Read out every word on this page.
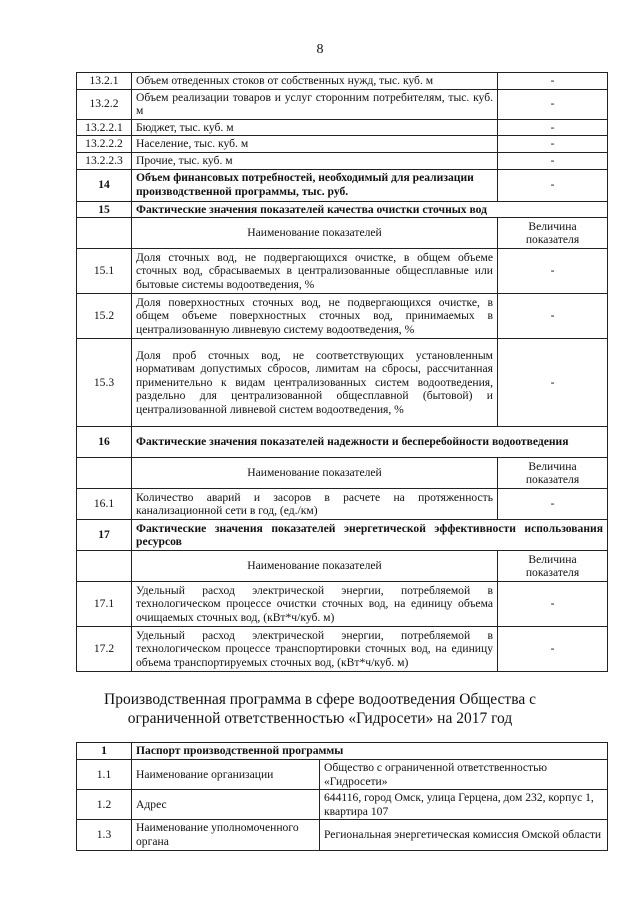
8
13.2.1	Объем отведенных стоков от собственных нужд, тыс. куб. м	-
13.2.2	Объем реализации товаров и услуг сторонним потребителям, тыс. куб. м	-
13.2.2.1	Бюджет, тыс. куб. м	-
13.2.2.2	Население, тыс. куб. м	-
13.2.2.3	Прочие, тыс. куб. м	-
14	Объем финансовых потребностей, необходимый для реализации производственной программы, тыс. руб.	-
15	Фактические значения показателей качества очистки сточных вод	
	Наименование показателей	Величина показателя
15.1	Доля сточных вод, не подвергающихся очистке, в общем объеме сточных вод, сбрасываемых в централизованные общесплавные или бытовые системы водоотведения, %	-
15.2	Доля поверхностных сточных вод, не подвергающихся очистке, в общем объеме поверхностных сточных вод, принимаемых в централизованную ливневую систему водоотведения, %	-
15.3	Доля проб сточных вод, не соответствующих установленным нормативам допустимых сбросов, лимитам на сбросы, рассчитанная применительно к видам централизованных систем водоотведения, раздельно для централизованной общесплавной (бытовой) и централизованной ливневой систем водоотведения, %	-
16	Фактические значения показателей надежности и бесперебойности водоотведения	
	Наименование показателей	Величина показателя
16.1	Количество аварий и засоров в расчете на протяженность канализационной сети в год, (ед./км)	-
17	Фактические значения показателей энергетической эффективности использования ресурсов	
	Наименование показателей	Величина показателя
17.1	Удельный расход электрической энергии, потребляемой в технологическом процессе очистки сточных вод, на единицу объема очищаемых сточных вод, (кВт*ч/куб. м)	-
17.2	Удельный расход электрической энергии, потребляемой в технологическом процессе транспортировки сточных вод, на единицу объема транспортируемых сточных вод, (кВт*ч/куб. м)	-
Производственная программа в сфере водоотведения Общества с
ограниченной ответственностью «Гидросети» на 2017 год
1	Паспорт производственной программы	
1.1	Наименование организации	Общество с ограниченной ответственностью «Гидросети»
1.2	Адрес	644116, город Омск, улица Герцена, дом 232, корпус 1, квартира 107
1.3	Наименование уполномоченного органа	Региональная энергетическая комиссия Омской области
